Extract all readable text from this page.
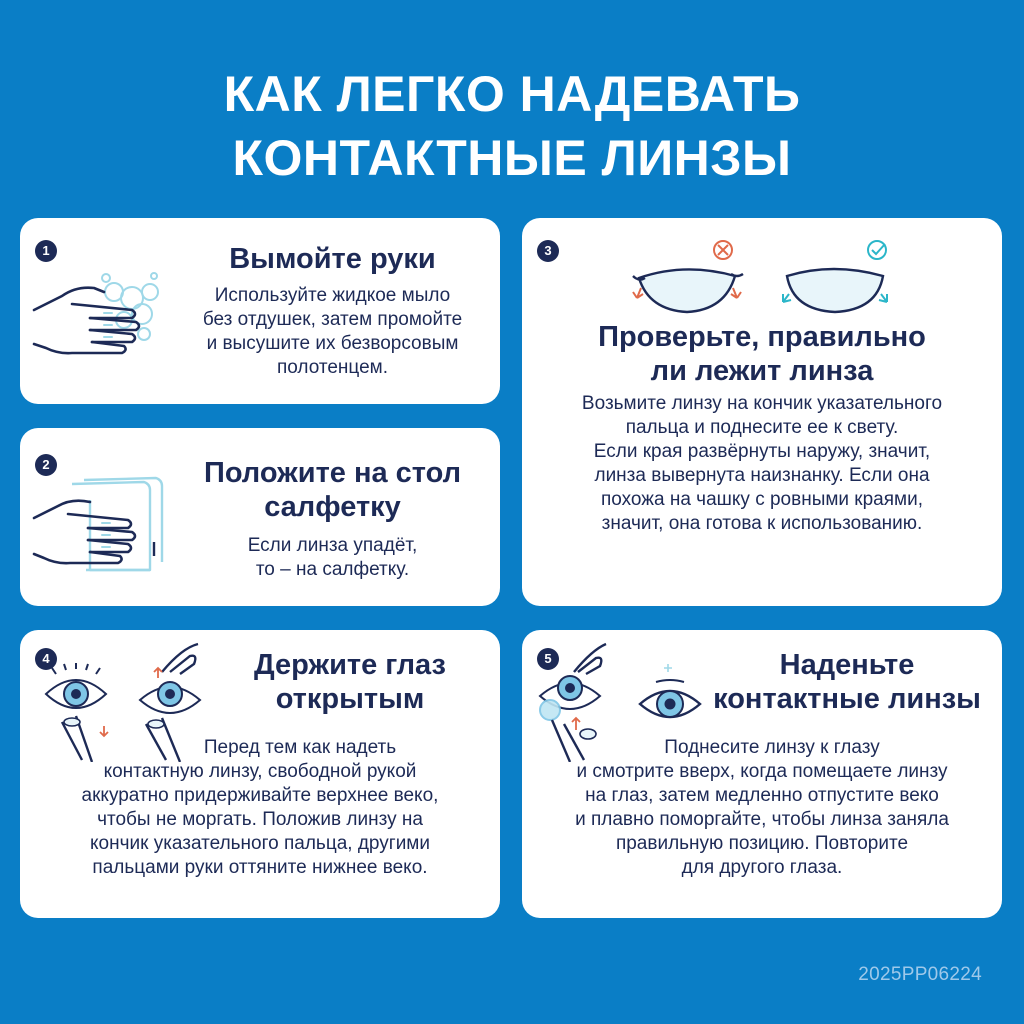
КАК ЛЕГКО НАДЕВАТЬ
КОНТАКТНЫЕ ЛИНЗЫ
1	Вымойте руки
Используйте жидкое мыло
без отдушек, затем промойте
и высушите их безворсовым
полотенцем.
2	Положите на стол
салфетку
Если линза упадёт,
то – на салфетку.
3
Проверьте, правильно
ли лежит линза
Возьмите линзу на кончик указательного
пальца и поднесите ее к свету.
Если края развёрнуты наружу, значит,
линза вывернута наизнанку. Если она
похожа на чашку с ровными краями,
значит, она готова к использованию.
4	Держите глаз
открытым
Перед тем как надеть
контактную линзу, свободной рукой
аккуратно придерживайте верхнее веко,
чтобы не моргать. Положив линзу на
кончик указательного пальца, другими
пальцами руки оттяните нижнее веко.
5	Наденьте
контактные линзы
Поднесите линзу к глазу
и смотрите вверх, когда помещаете линзу
на глаз, затем медленно отпустите веко
и плавно поморгайте, чтобы линза заняла
правильную позицию. Повторите
для другого глаза.
2025PP06224
